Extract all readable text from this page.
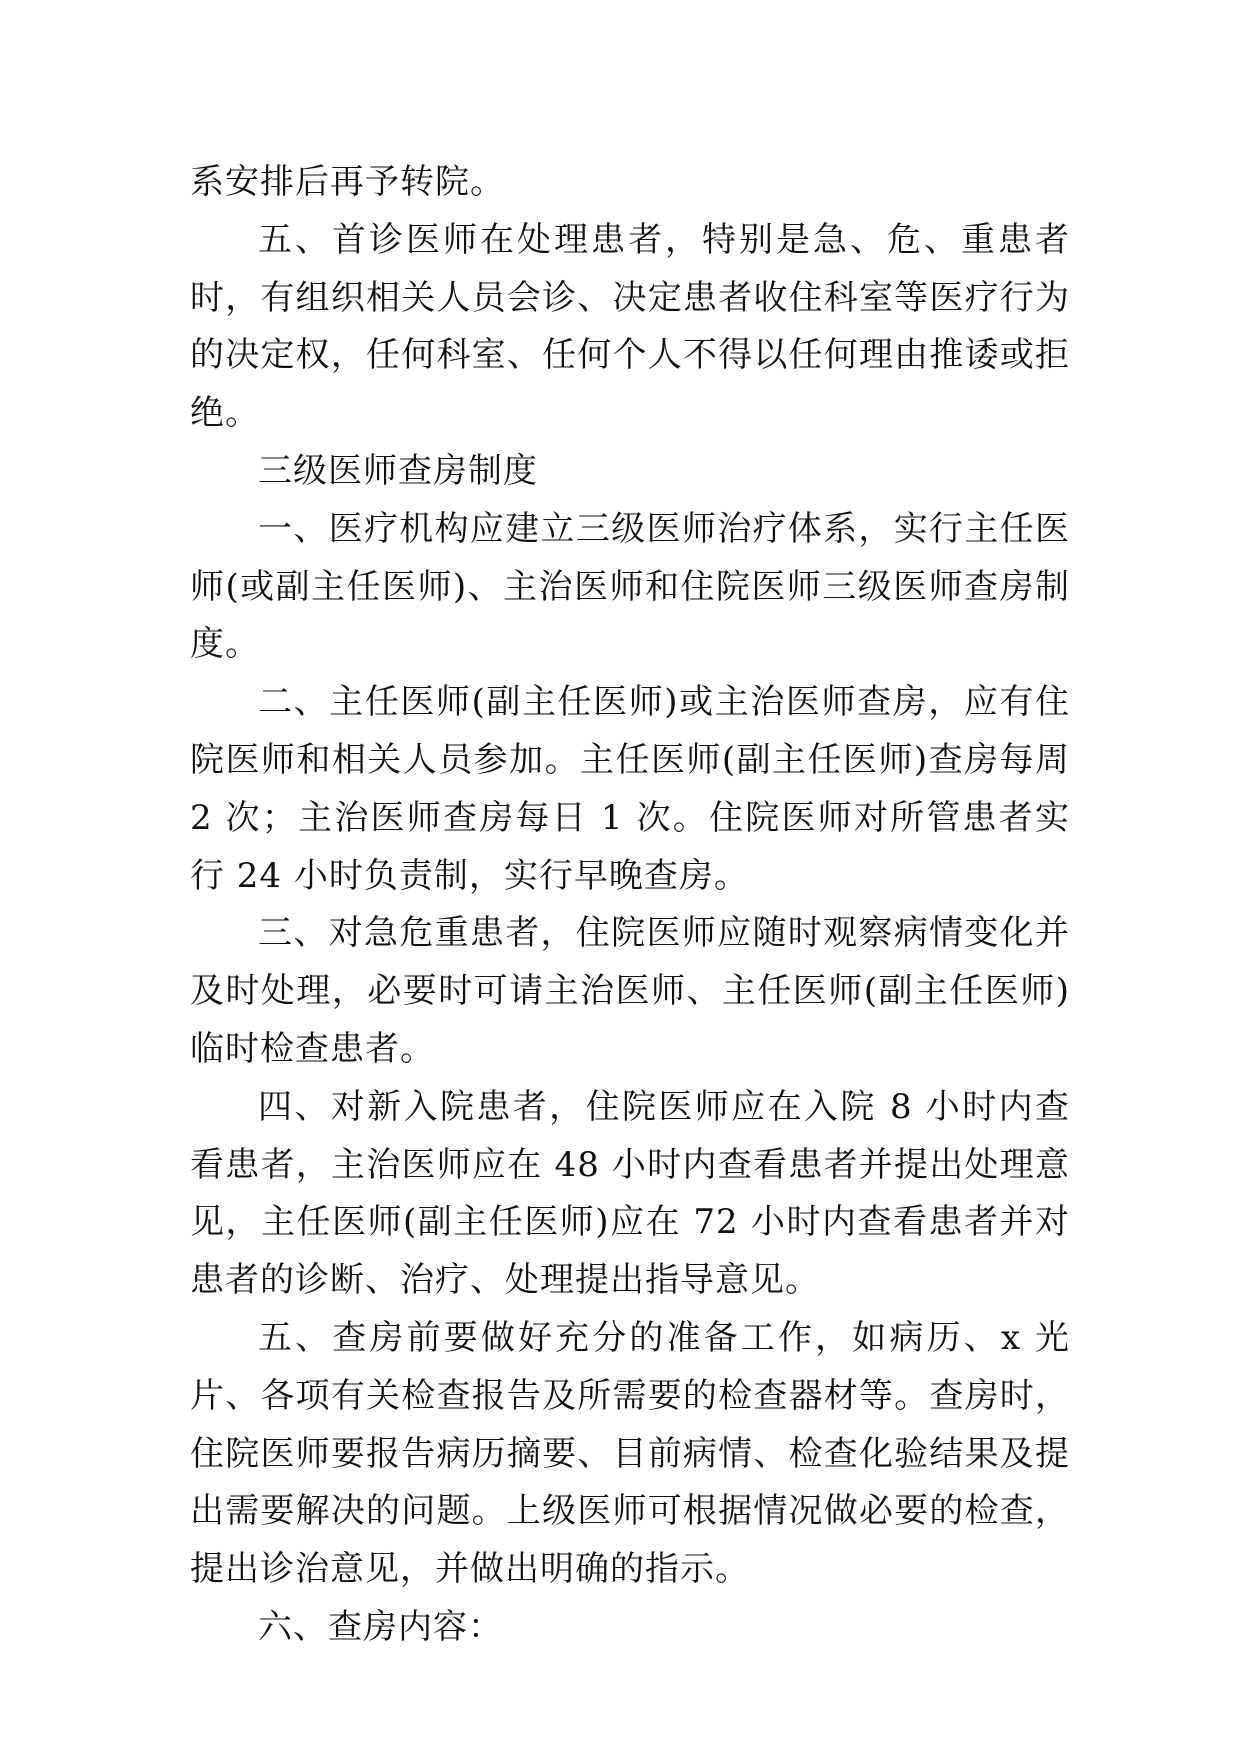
系安排后再予转院。

五、首诊医师在处理患者，特别是急、危、重患者时，有组织相关人员会诊、决定患者收住科室等医疗行为的决定权，任何科室、任何个人不得以任何理由推诿或拒绝。

三级医师查房制度

一、医疗机构应建立三级医师治疗体系，实行主任医师(或副主任医师)、主治医师和住院医师三级医师查房制度。

二、主任医师(副主任医师)或主治医师查房，应有住院医师和相关人员参加。主任医师(副主任医师)查房每周 2 次；主治医师查房每日 1 次。住院医师对所管患者实行 24 小时负责制，实行早晚查房。

三、对急危重患者，住院医师应随时观察病情变化并及时处理，必要时可请主治医师、主任医师(副主任医师) 临时检查患者。

四、对新入院患者，住院医师应在入院 8 小时内查看患者，主治医师应在 48 小时内查看患者并提出处理意见，主任医师(副主任医师)应在 72 小时内查看患者并对患者的诊断、治疗、处理提出指导意见。

五、查房前要做好充分的准备工作，如病历、x 光片、各项有关检查报告及所需要的检查器材等。查房时，住院医师要报告病历摘要、目前病情、检查化验结果及提出需要解决的问题。上级医师可根据情况做必要的检查，提出诊治意见，并做出明确的指示。

六、查房内容：
